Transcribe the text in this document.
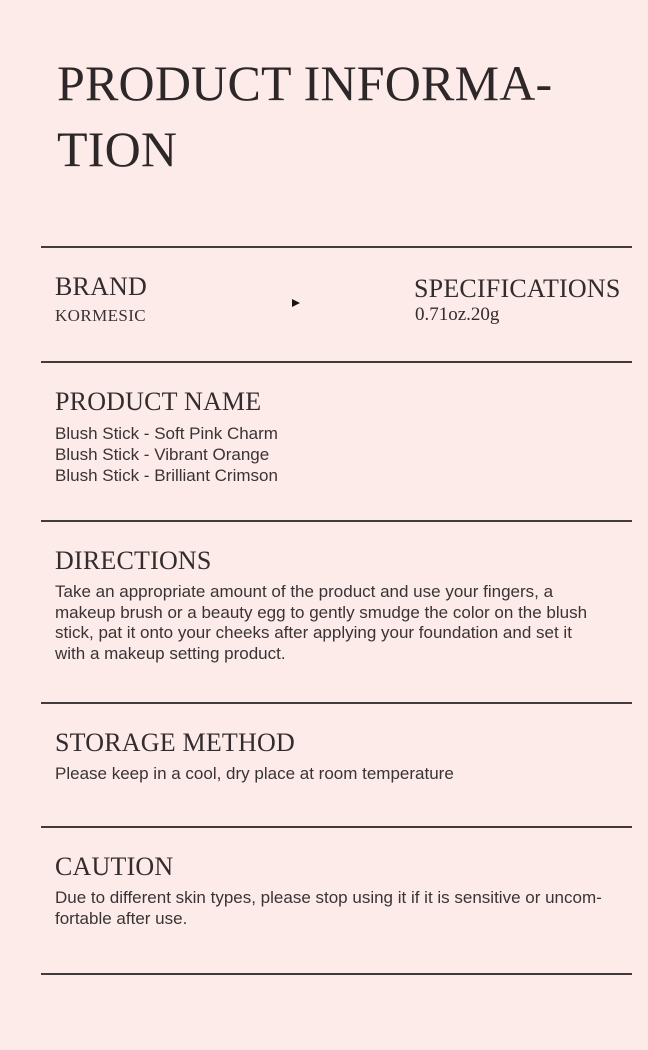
PRODUCT INFORMA-
TION
BRAND
KORMESIC
SPECIFICATIONS
0.71oz.20g
PRODUCT NAME
Blush Stick - Soft Pink Charm
Blush Stick - Vibrant Orange
Blush Stick - Brilliant Crimson
DIRECTIONS

Take an appropriate amount of the product and use your fingers, a makeup brush or a beauty egg to gently smudge the color on the blush stick, pat it onto your cheeks after applying your foundation and set it with a makeup setting product.

STORAGE METHOD

Please keep in a cool, dry place at room temperature

CAUTION

Due to different skin types, please stop using it if it is sensitive or uncomfortable after use.
